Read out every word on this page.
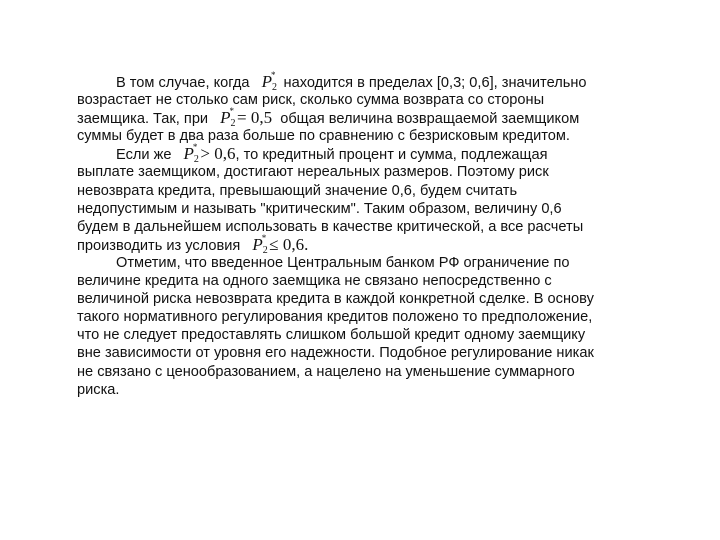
В том случае, когда $P_2^*$ находится в пределах [0,3; 0,6], значительно
возрастает не столько сам риск, сколько сумма возврата со стороны
заемщика. Так, при $P_2^* = 0,5$ общая величина возвращаемой заемщиком
суммы будет в два раза больше по сравнению с безрисковым кредитом.
Если же $P_2^* > 0,6$, то кредитный процент и сумма, подлежащая
выплате заемщиком, достигают нереальных размеров. Поэтому риск
невозврата кредита, превышающий значение 0,6, будем считать
недопустимым и называть "критическим". Таким образом, величину 0,6
будем в дальнейшем использовать в качестве критической, а все расчеты
производить из условия $P_2^* \le 0,6$.
Отметим, что введенное Центральным банком РФ ограничение по
величине кредита на одного заемщика не связано непосредственно с
величиной риска невозврата кредита в каждой конкретной сделке. В основу
такого нормативного регулирования кредитов положено то предположение,
что не следует предоставлять слишком большой кредит одному заемщику
вне зависимости от уровня его надежности. Подобное регулирование никак
не связано с ценообразованием, а нацелено на уменьшение суммарного
риска.
